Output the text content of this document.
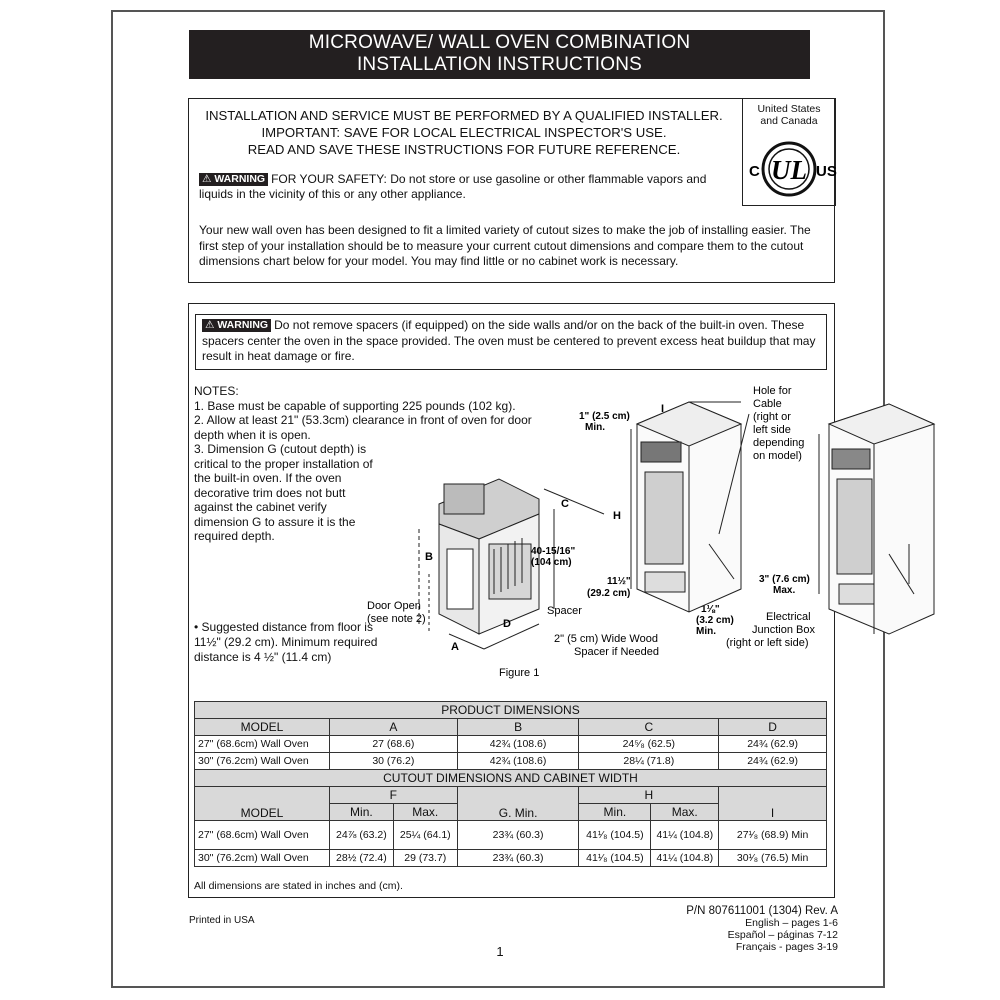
MICROWAVE/ WALL OVEN COMBINATION
INSTALLATION INSTRUCTIONS
INSTALLATION AND SERVICE MUST BE PERFORMED BY A QUALIFIED INSTALLER.
IMPORTANT: SAVE FOR LOCAL ELECTRICAL INSPECTOR'S USE.
READ AND SAVE THESE INSTRUCTIONS FOR FUTURE REFERENCE.
United States
and Canada
C UL US
⚠ WARNING FOR YOUR SAFETY: Do not store or use gasoline or other flammable vapors and liquids in the vicinity of this or any other appliance.
Your new wall oven has been designed to fit a limited variety of cutout sizes to make the job of installing easier. The first step of your installation should be to measure your current cutout dimensions and compare them to the cutout dimensions chart below for your model. You may find little or no cabinet work is necessary.
⚠ WARNING Do not remove spacers (if equipped) on the side walls and/or on the back of the built-in oven. These spacers center the oven in the space provided. The oven must be centered to prevent excess heat buildup that may result in heat damage or fire.
NOTES:
1. Base must be capable of supporting 225 pounds (102 kg).
2. Allow at least 21" (53.3cm) clearance in front of oven for door depth when it is open.
3. Dimension G (cutout depth) is critical to the proper installation of the built-in oven. If the oven decorative trim does not butt against the cabinet verify dimension G to assure it is the required depth.
• Suggested distance from floor is 11½" (29.2 cm). Minimum required distance is 4 ½" (11.4 cm)
B
A
D
C
40-15/16"
(104 cm)
Door Open
(see note 2)
Spacer
Figure 1
1" (2.5 cm)
Min.
I
H
Hole for
Cable
(right or
left side
depending
on model)
11½"
(29.2 cm)
3" (7.6 cm)
Max.
1⅛"
(3.2 cm)
Min.
2" (5 cm) Wide Wood
Spacer if Needed
Electrical
Junction Box
(right or left side)
PRODUCT DIMENSIONS						
MODEL	A		B	C		D
27" (68.6cm) Wall Oven	27 (68.6)		42¾ (108.6)	24⁵⁄₈ (62.5)		24¾ (62.9)
30" (76.2cm) Wall Oven	30 (76.2)		42¾ (108.6)	28¼ (71.8)		24¾ (62.9)
CUTOUT DIMENSIONS AND CABINET WIDTH						
MODEL	F		G. Min.	H		I
	Min.	Max.		Min.	Max.	
27" (68.6cm) Wall Oven	24⅞ (63.2)	25¼ (64.1)	23¾ (60.3)	41¹⁄₈ (104.5)	41¼ (104.8)	27¹⁄₈ (68.9) Min
30" (76.2cm) Wall Oven	28½ (72.4)	29 (73.7)	23¾ (60.3)	41¹⁄₈ (104.5)	41¼ (104.8)	30¹⁄₈ (76.5) Min
All dimensions are stated in inches and (cm).
Printed in USA
P/N 807611001 (1304) Rev. A
English – pages 1-6
Español – páginas 7-12
Français - pages 3-19
1
